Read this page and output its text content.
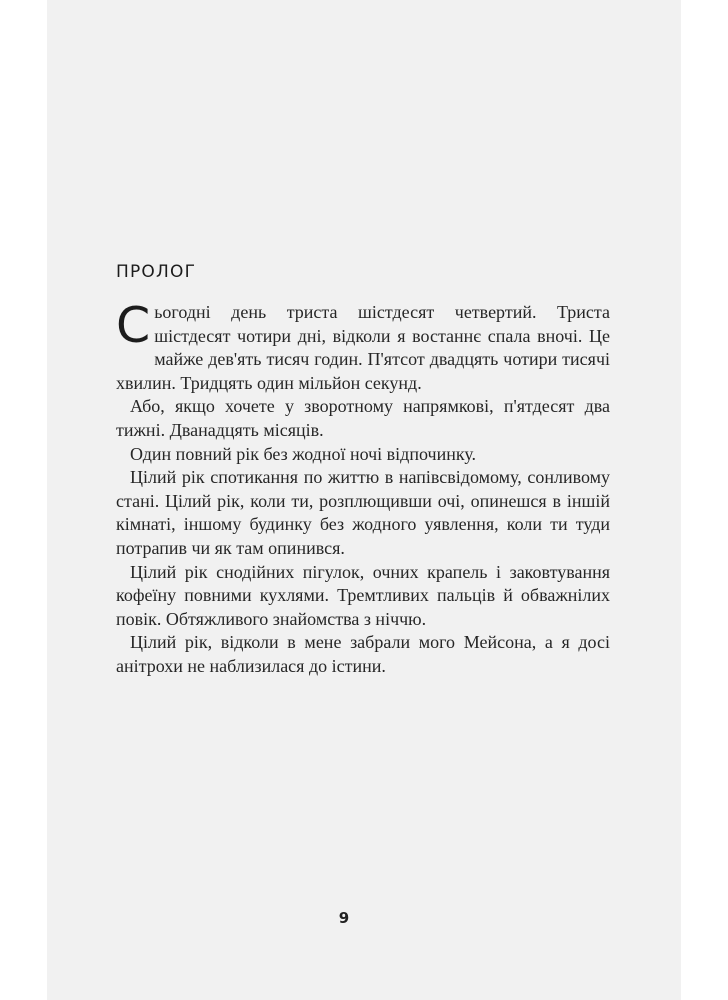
ПРОЛОГ

Сьогодні день триста шістдесят четвертий. Триста шістдесят чотири дні, відколи я востаннє спала вночі. Це майже дев'ять тисяч годин. П'ятсот двадцять чотири тисячі хвилин. Тридцять один мільйон секунд.

Або, якщо хочете у зворотному напрямкові, п'ятдесят два тижні. Дванадцять місяців.

Один повний рік без жодної ночі відпочинку.

Цілий рік спотикання по життю в напівсвідомому, сонливому стані. Цілий рік, коли ти, розплющивши очі, опинешся в іншій кімнаті, іншому будинку без жодного уявлення, коли ти туди потрапив чи як там опинився.

Цілий рік снодійних пігулок, очних крапель і заковтування кофеїну повними кухлями. Тремтливих пальців й обважнілих повік. Обтяжливого знайомства з ніччю.

Цілий рік, відколи в мене забрали мого Мейсона, а я досі анітрохи не наблизилася до істини.

9
